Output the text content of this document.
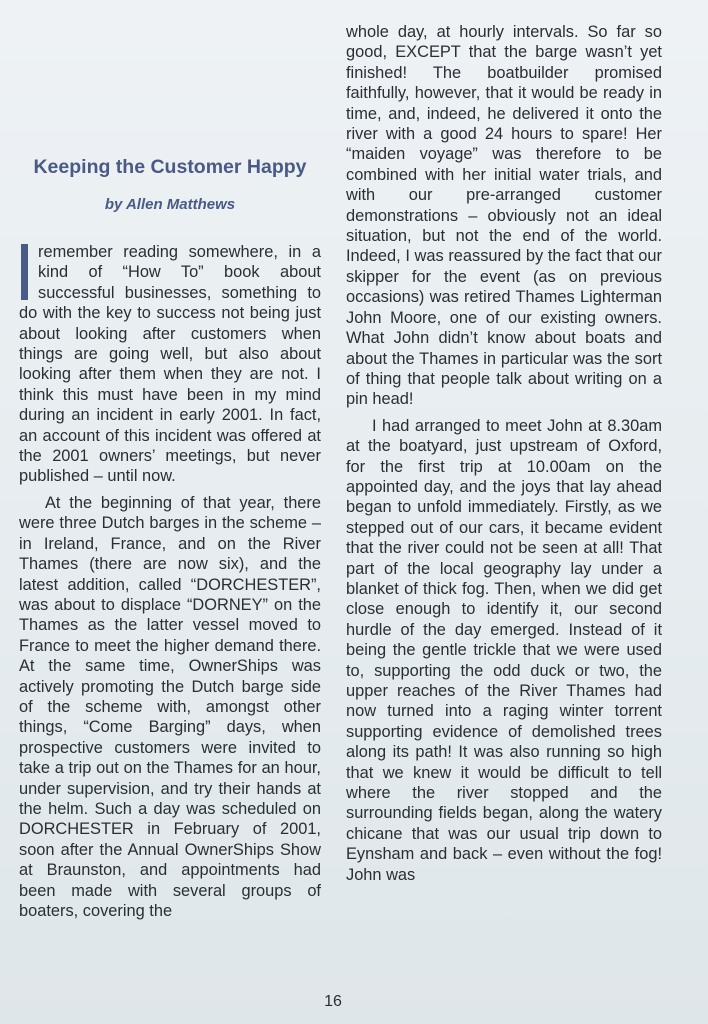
Keeping the Customer Happy
by Allen Matthews

remember reading somewhere, in a kind of “How To” book about successful businesses, something to do with the key to success not being just about looking after customers when things are going well, but also about looking after them when they are not. I think this must have been in my mind during an incident in early 2001. In fact, an account of this incident was offered at the 2001 owners’ meetings, but never published – until now.

At the beginning of that year, there were three Dutch barges in the scheme – in Ireland, France, and on the River Thames (there are now six), and the latest addition, called “DORCHESTER”, was about to displace “DORNEY” on the Thames as the latter vessel moved to France to meet the higher demand there. At the same time, OwnerShips was actively promoting the Dutch barge side of the scheme with, amongst other things, “Come Barging” days, when prospective customers were invited to take a trip out on the Thames for an hour, under supervision, and try their hands at the helm. Such a day was scheduled on DORCHESTER in February of 2001, soon after the Annual OwnerShips Show at Braunston, and appointments had been made with several groups of boaters, covering the

whole day, at hourly intervals. So far so good, EXCEPT that the barge wasn’t yet finished! The boatbuilder promised faithfully, however, that it would be ready in time, and, indeed, he delivered it onto the river with a good 24 hours to spare! Her “maiden voyage” was therefore to be combined with her initial water trials, and with our pre-arranged customer demonstrations – obviously not an ideal situation, but not the end of the world. Indeed, I was reassured by the fact that our skipper for the event (as on previous occasions) was retired Thames Lighterman John Moore, one of our existing owners. What John didn’t know about boats and about the Thames in particular was the sort of thing that people talk about writing on a pin head!

I had arranged to meet John at 8.30am at the boatyard, just upstream of Oxford, for the first trip at 10.00am on the appointed day, and the joys that lay ahead began to unfold immediately. Firstly, as we stepped out of our cars, it became evident that the river could not be seen at all! That part of the local geography lay under a blanket of thick fog. Then, when we did get close enough to identify it, our second hurdle of the day emerged. Instead of it being the gentle trickle that we were used to, supporting the odd duck or two, the upper reaches of the River Thames had now turned into a raging winter torrent supporting evidence of demolished trees along its path! It was also running so high that we knew it would be difficult to tell where the river stopped and the surrounding fields began, along the watery chicane that was our usual trip down to Eynsham and back – even without the fog! John was

16
